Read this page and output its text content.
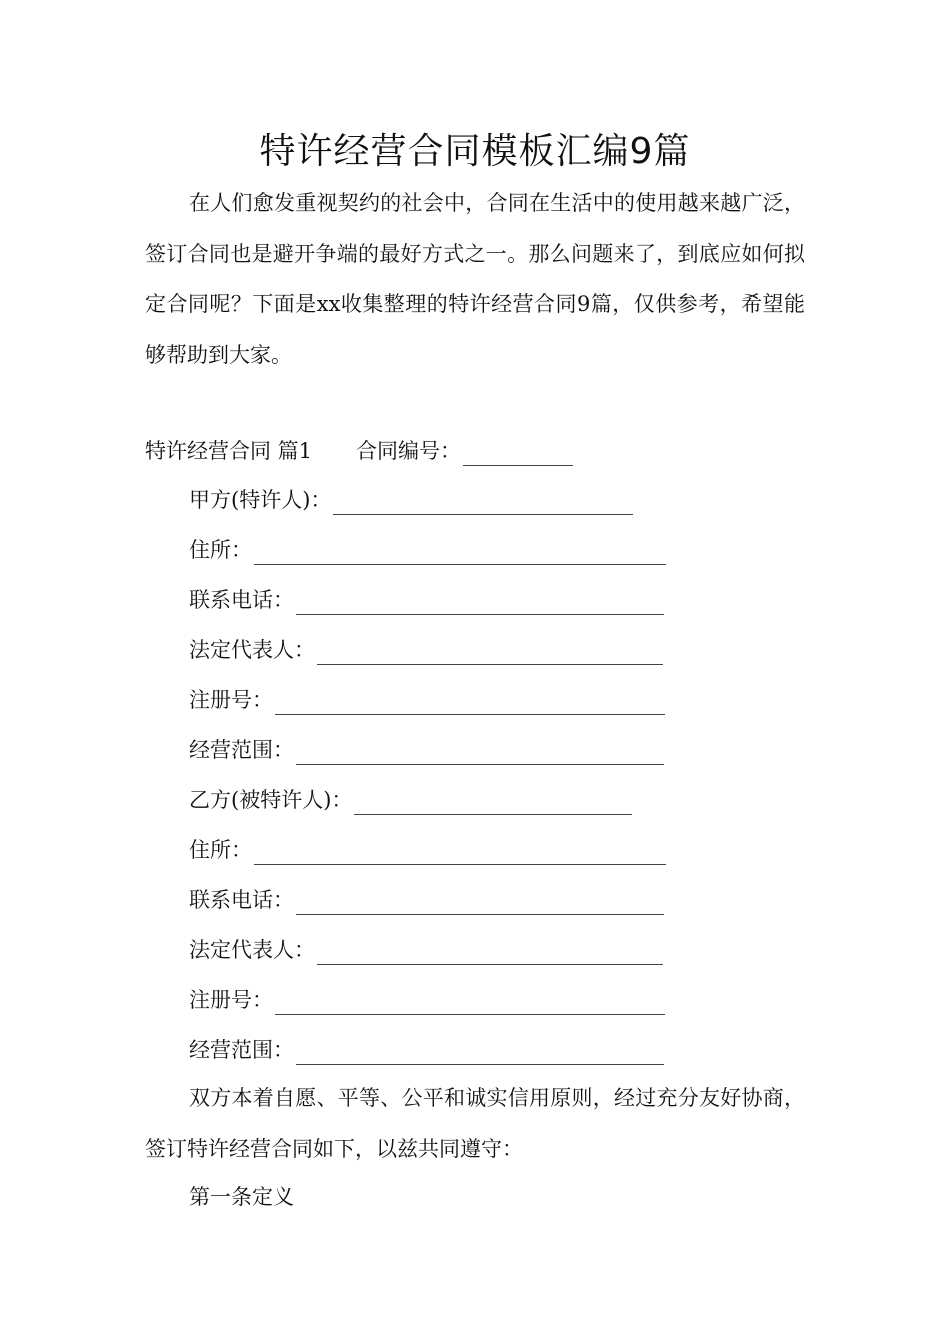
特许经营合同模板汇编9篇

在人们愈发重视契约的社会中，合同在生活中的使用越来越广泛，签订合同也是避开争端的最好方式之一。那么问题来了，到底应如何拟定合同呢？下面是xx收集整理的特许经营合同9篇，仅供参考，希望能够帮助到大家。

特许经营合同 篇1 合同编号：
甲方(特许人)：
住所：
联系电话：
法定代表人：
注册号：
经营范围：
乙方(被特许人)：
住所：
联系电话：
法定代表人：
注册号：
经营范围：

双方本着自愿、平等、公平和诚实信用原则，经过充分友好协商，签订特许经营合同如下，以兹共同遵守：

第一条定义
